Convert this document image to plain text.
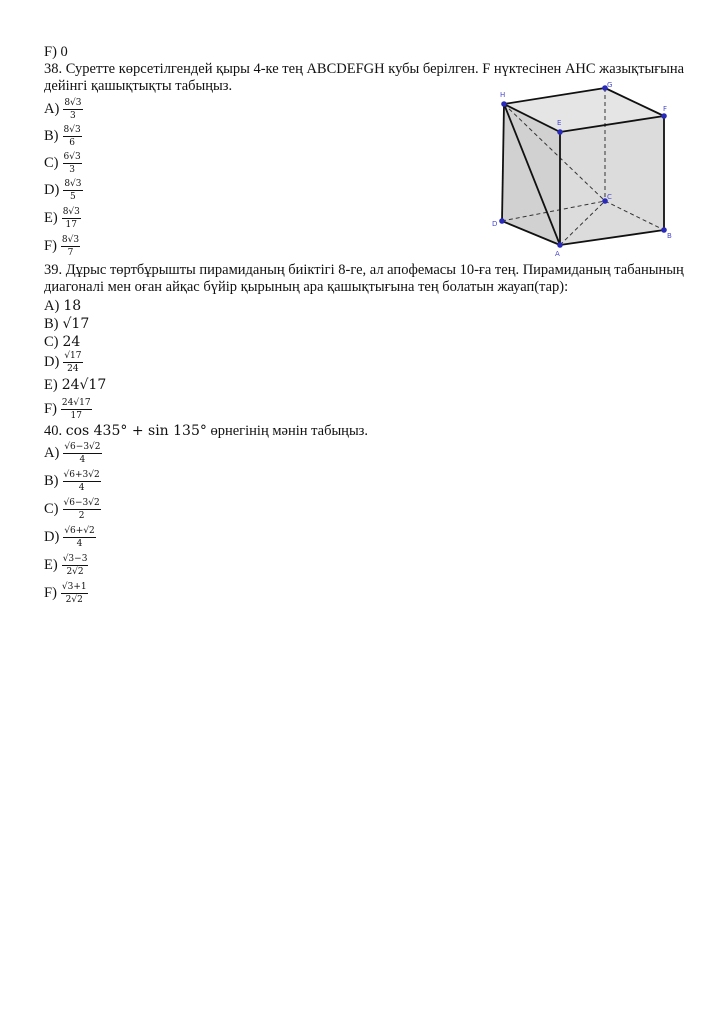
F) 0
38. Суретте көрсетілгендей қыры 4-ке тең ABCDEFGH кубы берілген. F нүктесінен AHC жазықтығына
дейінгі қашықтықты табыңыз.
$A) \frac{8√3}{3}$
$B) \frac{8√3}{6}$
$C) \frac{6√3}{3}$
$D) \frac{8√3}{5}$
$E) \frac{8√3}{17}$
$F) \frac{8√3}{7}$
H
G
E
F
D
C
A
B
39. Дұрыс төртбұрышты пирамиданың биіктігі 8-ге, ал апофемасы 10-ға тең. Пирамиданың табанының
диагоналі мен оған айқас бүйір қырының ара қашықтығына тең болатын жауап(тар):
A) 18
B) √17
C) 24
$D) \frac{√17}{24}$
E) 24√17
$F) \frac{24√17}{17}$
40. cos 435° + sin 135° өрнегінің мәнін табыңыз.
$A) \frac{√6-3√2}{4}$
$B) \frac{√6+3√2}{4}$
$C) \frac{√6-3√2}{2}$
$D) \frac{√6+√2}{4}$
$E) \frac{√3-3}{2√2}$
$F) \frac{√3+1}{2√2}$
